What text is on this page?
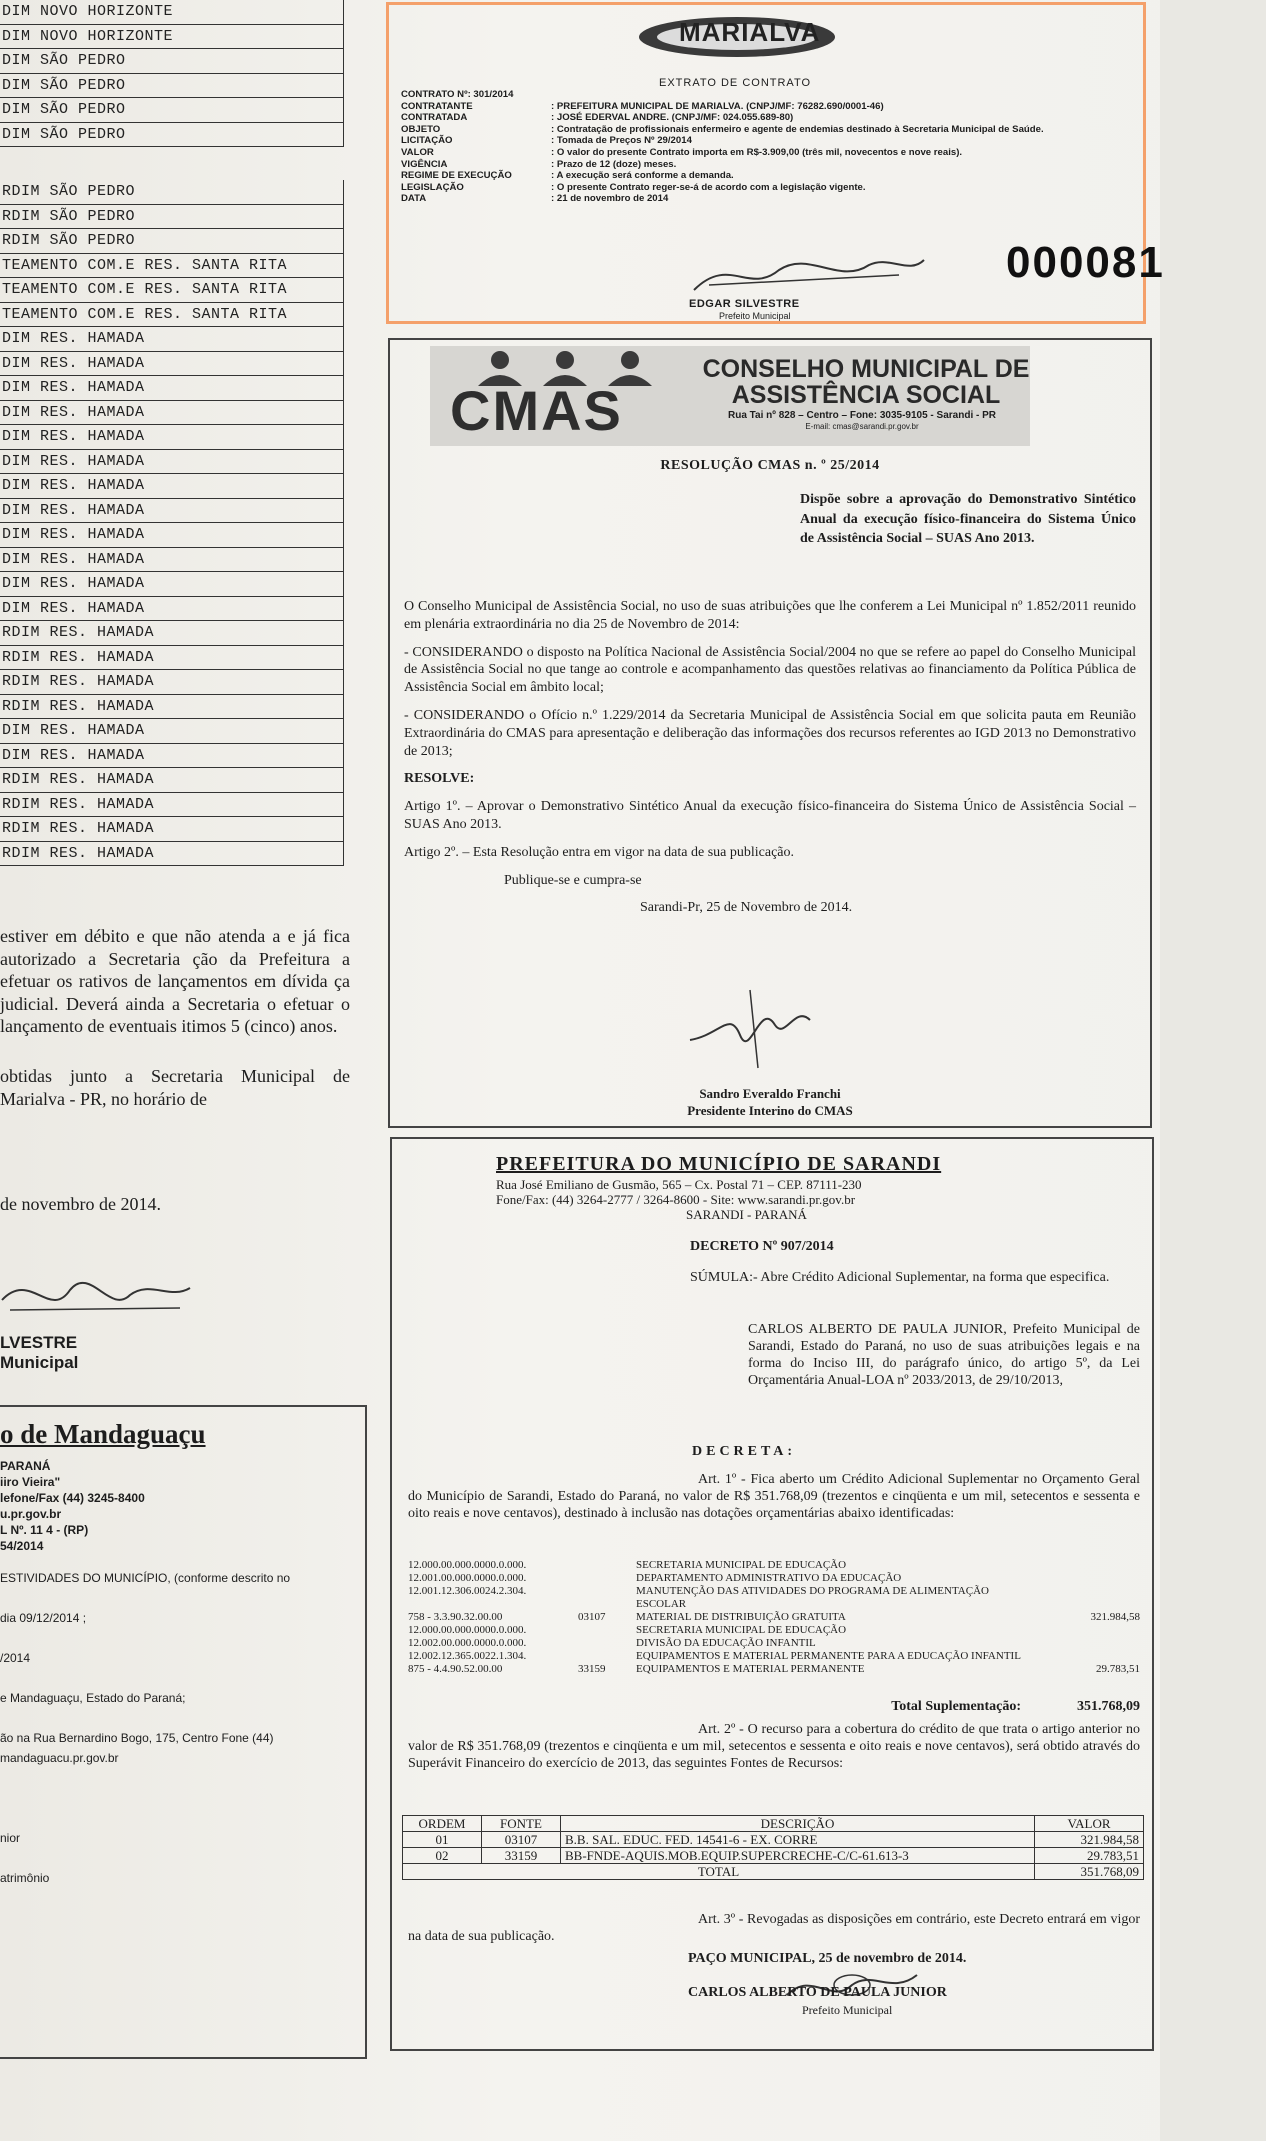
DIM NOVO HORIZONTE
DIM NOVO HORIZONTE
DIM SÃO PEDRO
DIM SÃO PEDRO
DIM SÃO PEDRO
DIM SÃO PEDRO
RDIM SÃO PEDRO
RDIM SÃO PEDRO
RDIM SÃO PEDRO
TEAMENTO COM.E RES. SANTA RITA
TEAMENTO COM.E RES. SANTA RITA
TEAMENTO COM.E RES. SANTA RITA
DIM RES. HAMADA
DIM RES. HAMADA
DIM RES. HAMADA
DIM RES. HAMADA
DIM RES. HAMADA
DIM RES. HAMADA
DIM RES. HAMADA
DIM RES. HAMADA
DIM RES. HAMADA
DIM RES. HAMADA
DIM RES. HAMADA
DIM RES. HAMADA
RDIM RES. HAMADA
RDIM RES. HAMADA
RDIM RES. HAMADA
RDIM RES. HAMADA
DIM RES. HAMADA
DIM RES. HAMADA
RDIM RES. HAMADA
RDIM RES. HAMADA
RDIM RES. HAMADA
RDIM RES. HAMADA
estiver em débito e que não atenda a e já fica autorizado a Secretaria ção da Prefeitura a efetuar os rativos de lançamentos em dívida ça judicial. Deverá ainda a Secretaria o efetuar o lançamento de eventuais itimos 5 (cinco) anos.
obtidas junto a Secretaria Municipal de Marialva - PR, no horário de
de novembro de 2014.
LVESTRE
Municipal
o de Mandaguaçu
PARANÁ
iiro Vieira"
lefone/Fax (44) 3245-8400
u.pr.gov.br
L Nº. 11 4 - (RP)
54/2014
ESTIVIDADES DO MUNICÍPIO, (conforme descrito no
dia 09/12/2014 ;
/2014
e Mandaguaçu, Estado do Paraná;
ão na Rua Bernardino Bogo, 175, Centro Fone (44)
mandaguacu.pr.gov.br
nior
atrimônio
MARIALVA
EXTRATO DE CONTRATO
CONTRATO Nº: 301/2014
CONTRATANTE	: PREFEITURA MUNICIPAL DE MARIALVA. (CNPJ/MF: 76282.690/0001-46)
CONTRATADA	: JOSÉ EDERVAL ANDRE. (CNPJ/MF: 024.055.689-80)
OBJETO	: Contratação de profissionais enfermeiro e agente de endemias destinado à Secretaria Municipal de Saúde.
LICITAÇÃO	: Tomada de Preços Nº 29/2014
VALOR	: O valor do presente Contrato importa em R$-3.909,00 (três mil, novecentos e nove reais).
VIGÊNCIA	: Prazo de 12 (doze) meses.
REGIME DE EXECUÇÃO	: A execução será conforme a demanda.
LEGISLAÇÃO	: O presente Contrato reger-se-á de acordo com a legislação vigente.
DATA	: 21 de novembro de 2014
EDGAR SILVESTRE
Prefeito Municipal
000081
CMAS
CONSELHO MUNICIPAL DE ASSISTÊNCIA SOCIAL
Rua Tai nº 828 – Centro – Fone: 3035-9105 - Sarandi - PR
E-mail: cmas@sarandi.pr.gov.br
RESOLUÇÃO CMAS n. º 25/2014
Dispõe sobre a aprovação do Demonstrativo Sintético Anual da execução físico-financeira do Sistema Único de Assistência Social – SUAS Ano 2013.

O Conselho Municipal de Assistência Social, no uso de suas atribuições que lhe conferem a Lei Municipal nº 1.852/2011 reunido em plenária extraordinária no dia 25 de Novembro de 2014:

- CONSIDERANDO o disposto na Política Nacional de Assistência Social/2004 no que se refere ao papel do Conselho Municipal de Assistência Social no que tange ao controle e acompanhamento das questões relativas ao financiamento da Política Pública de Assistência Social em âmbito local;

- CONSIDERANDO o Ofício n.º 1.229/2014 da Secretaria Municipal de Assistência Social em que solicita pauta em Reunião Extraordinária do CMAS para apresentação e deliberação das informações dos recursos referentes ao IGD 2013 no Demonstrativo de 2013;

RESOLVE:

Artigo 1º. – Aprovar o Demonstrativo Sintético Anual da execução físico-financeira do Sistema Único de Assistência Social – SUAS Ano 2013.

Artigo 2º. – Esta Resolução entra em vigor na data de sua publicação.

Publique-se e cumpra-se

Sarandi-Pr, 25 de Novembro de 2014.

Sandro Everaldo Franchi
Presidente Interino do CMAS
PREFEITURA DO MUNICÍPIO DE SARANDI
Rua José Emiliano de Gusmão, 565 – Cx. Postal 71 – CEP. 87111-230
Fone/Fax: (44) 3264-2777 / 3264-8600 - Site: www.sarandi.pr.gov.br
SARANDI - PARANÁ
DECRETO Nº 907/2014
SÚMULA:- Abre Crédito Adicional Suplementar, na forma que especifica.
CARLOS ALBERTO DE PAULA JUNIOR, Prefeito Municipal de Sarandi, Estado do Paraná, no uso de suas atribuições legais e na forma do Inciso III, do parágrafo único, do artigo 5º, da Lei Orçamentária Anual-LOA nº 2033/2013, de 29/10/2013,
DECRETA:
Art. 1º - Fica aberto um Crédito Adicional Suplementar no Orçamento Geral do Município de Sarandi, Estado do Paraná, no valor de R$ 351.768,09 (trezentos e cinqüenta e um mil, setecentos e sessenta e oito reais e nove centavos), destinado à inclusão nas dotações orçamentárias abaixo identificadas:
12.000.00.000.0000.0.000.	SECRETARIA MUNICIPAL DE EDUCAÇÃO
12.001.00.000.0000.0.000.	DEPARTAMENTO ADMINISTRATIVO DA EDUCAÇÃO
12.001.12.306.0024.2.304.	MANUTENÇÃO DAS ATIVIDADES DO PROGRAMA DE ALIMENTAÇÃO ESCOLAR
758 - 3.3.90.32.00.00	03107	MATERIAL DE DISTRIBUIÇÃO GRATUITA	321.984,58
12.000.00.000.0000.0.000.	SECRETARIA MUNICIPAL DE EDUCAÇÃO
12.002.00.000.0000.0.000.	DIVISÃO DA EDUCAÇÃO INFANTIL
12.002.12.365.0022.1.304.	EQUIPAMENTOS E MATERIAL PERMANENTE PARA A EDUCAÇÃO INFANTIL
875 - 4.4.90.52.00.00	33159	EQUIPAMENTOS E MATERIAL PERMANENTE	29.783,51
Total Suplementação:	351.768,09
Art. 2º - O recurso para a cobertura do crédito de que trata o artigo anterior no valor de R$ 351.768,09 (trezentos e cinqüenta e um mil, setecentos e sessenta e oito reais e nove centavos), será obtido através do Superávit Financeiro do exercício de 2013, das seguintes Fontes de Recursos:
ORDEM	FONTE	DESCRIÇÃO	VALOR
01	03107	B.B. SAL. EDUC. FED. 14541-6 - EX. CORRE	321.984,58
02	33159	BB-FNDE-AQUIS.MOB.EQUIP.SUPERCRECHE-C/C-61.613-3	29.783,51
TOTAL			351.768,09
Art. 3º - Revogadas as disposições em contrário, este Decreto entrará em vigor na data de sua publicação.
PAÇO MUNICIPAL, 25 de novembro de 2014.
CARLOS ALBERTO DE PAULA JUNIOR
Prefeito Municipal
